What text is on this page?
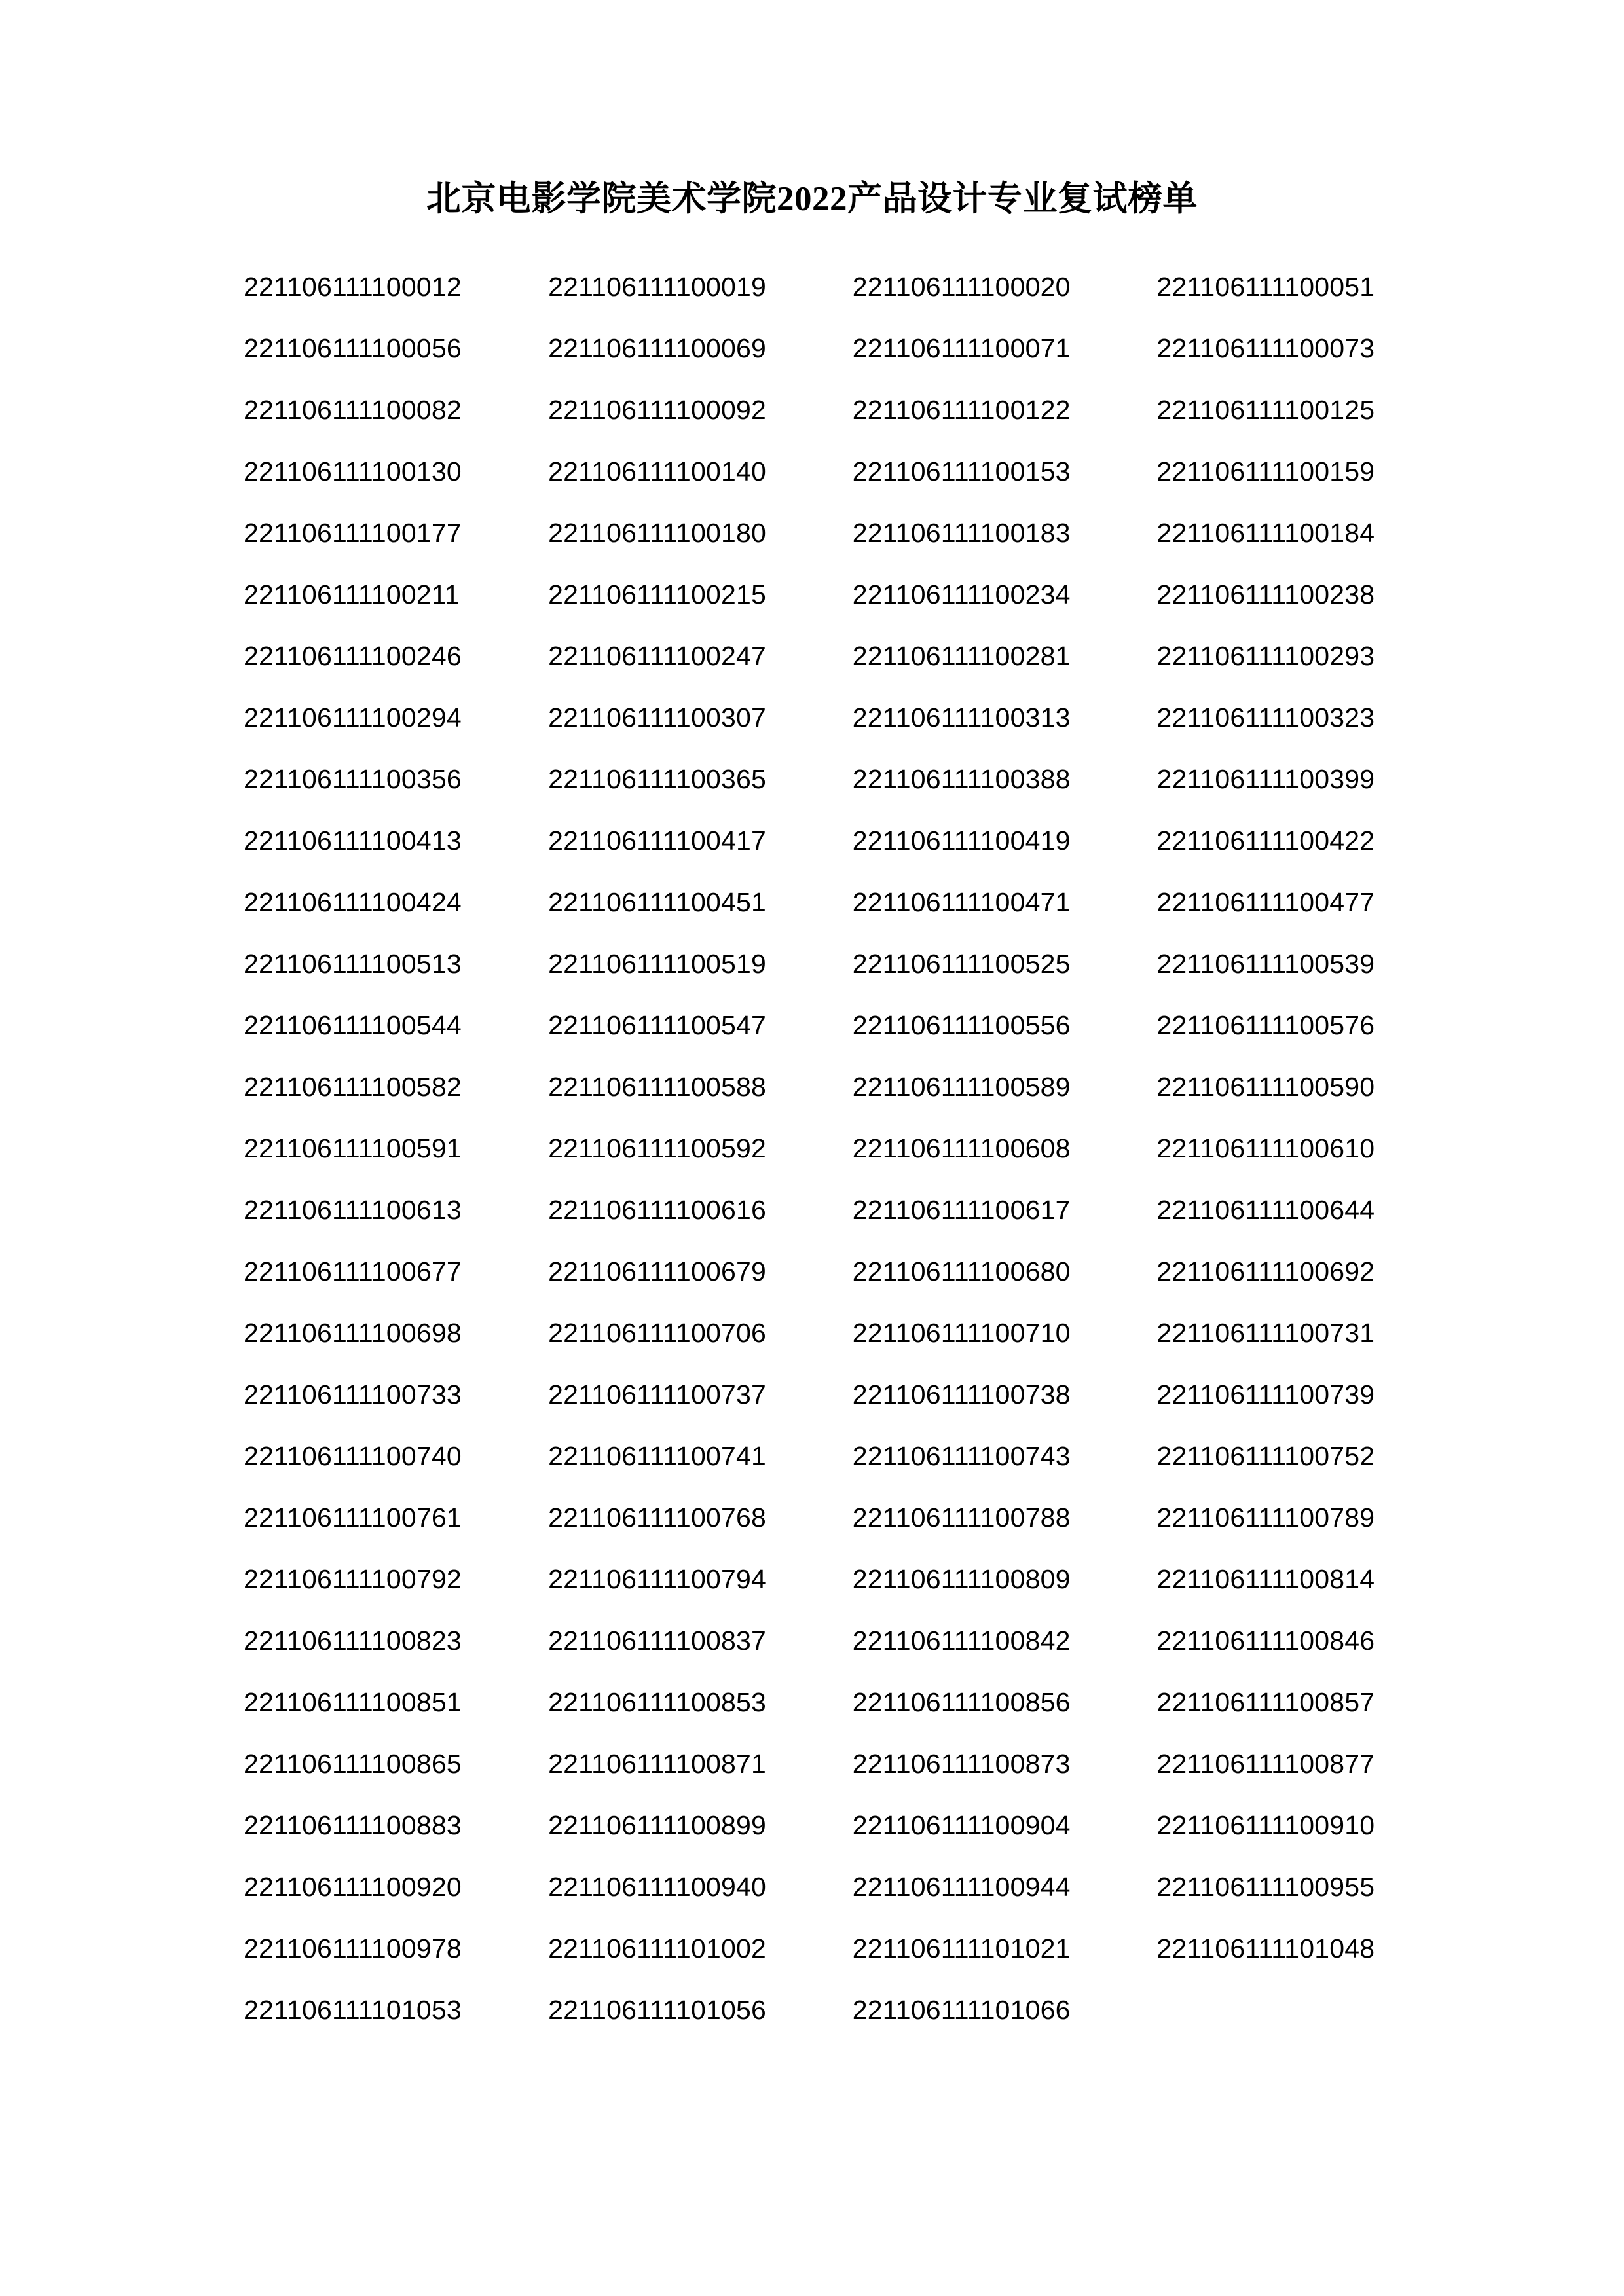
北京电影学院美术学院2022产品设计专业复试榜单
221106111100012	221106111100019	221106111100020	221106111100051
221106111100056	221106111100069	221106111100071	221106111100073
221106111100082	221106111100092	221106111100122	221106111100125
221106111100130	221106111100140	221106111100153	221106111100159
221106111100177	221106111100180	221106111100183	221106111100184
221106111100211	221106111100215	221106111100234	221106111100238
221106111100246	221106111100247	221106111100281	221106111100293
221106111100294	221106111100307	221106111100313	221106111100323
221106111100356	221106111100365	221106111100388	221106111100399
221106111100413	221106111100417	221106111100419	221106111100422
221106111100424	221106111100451	221106111100471	221106111100477
221106111100513	221106111100519	221106111100525	221106111100539
221106111100544	221106111100547	221106111100556	221106111100576
221106111100582	221106111100588	221106111100589	221106111100590
221106111100591	221106111100592	221106111100608	221106111100610
221106111100613	221106111100616	221106111100617	221106111100644
221106111100677	221106111100679	221106111100680	221106111100692
221106111100698	221106111100706	221106111100710	221106111100731
221106111100733	221106111100737	221106111100738	221106111100739
221106111100740	221106111100741	221106111100743	221106111100752
221106111100761	221106111100768	221106111100788	221106111100789
221106111100792	221106111100794	221106111100809	221106111100814
221106111100823	221106111100837	221106111100842	221106111100846
221106111100851	221106111100853	221106111100856	221106111100857
221106111100865	221106111100871	221106111100873	221106111100877
221106111100883	221106111100899	221106111100904	221106111100910
221106111100920	221106111100940	221106111100944	221106111100955
221106111100978	221106111101002	221106111101021	221106111101048
221106111101053	221106111101056	221106111101066	
